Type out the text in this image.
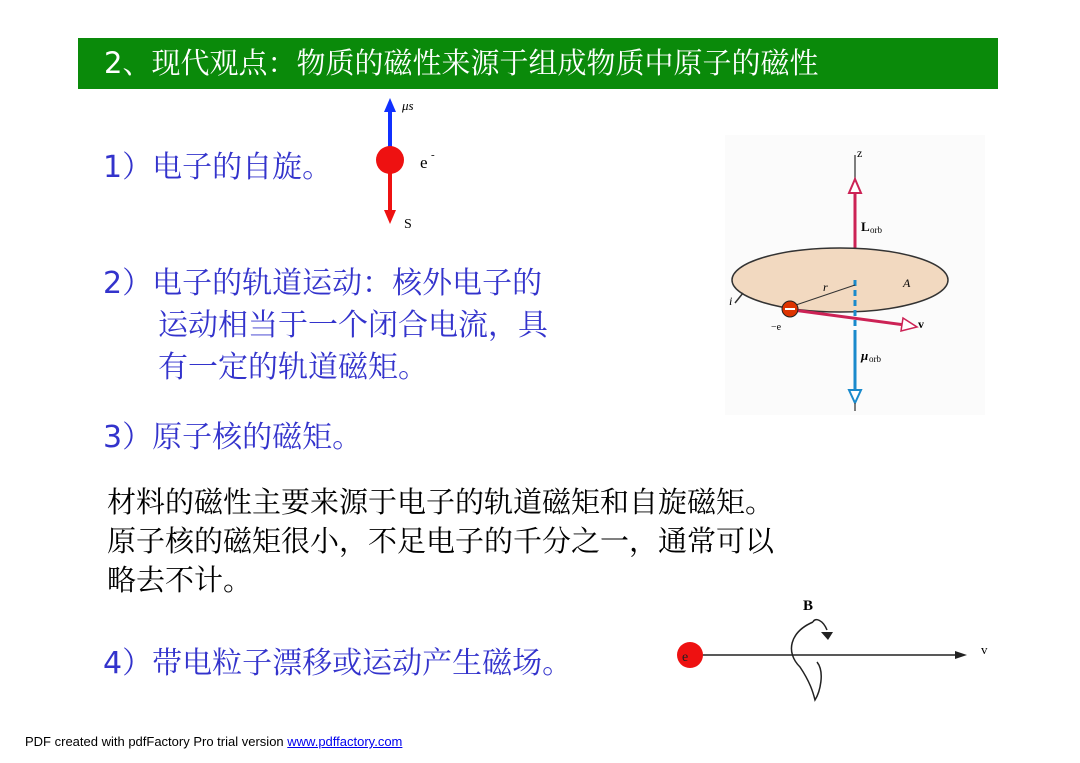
2、现代观点：物质的磁性来源于组成物质中原子的磁性
1）电子的自旋。
μs
e -
S
2）电子的轨道运动：核外电子的
运动相当于一个闭合电流，具
有一定的轨道磁矩。
z
L orb
μ orb
r	A
i
−e	v
3）原子核的磁矩。
材料的磁性主要来源于电子的轨道磁矩和自旋磁矩。
原子核的磁矩很小，不足电子的千分之一，通常可以
略去不计。
4）带电粒子漂移或运动产生磁场。	e
B
v
PDF created with pdfFactory Pro trial version www.pdffactory.com
